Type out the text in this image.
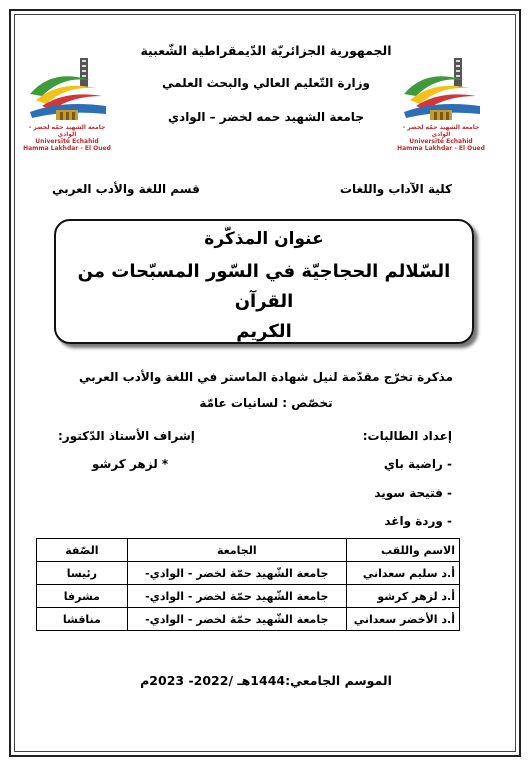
الجمهورية الجزائريّة الدّيمقراطية الشّعبية
وزارة التّعليم العالي والبحث العلمي
جامعة الشهيد حمه لخضر – الوادي
جامعة الشهيد حمّه لخضر - الوادي
Université Echahid Hamma Lakhdar - El Oued
جامعة الشهيد حمّه لخضر - الوادي
Université Echahid Hamma Lakhdar - El Oued
كلية الآداب واللغات
قسم اللغة والأدب العربي
عنوان المذكّرة
السّلالم الحجاجيّة في السّور المسبّحات من القرآن
الكريم
مذكرة تخرّج مقدّمة لنيل شهادة الماستر في اللغة والأدب العربي
تخصّص : لسانيات عامّة
إعداد الطالبات:
- راضية باي
- فتيحة سويد
- وردة واغد
إشراف الأستاذ الدّكتور:
* لزهر كرشو
الاسم واللقب	الجامعة	الصّفة
أ.د سليم سعداني	جامعة الشّهيد حمّة لخضر - الوادي-	رئيسا
أ.د لزهر كرشو	جامعة الشّهيد حمّة لخضر - الوادي-	مشرفا
أ.د الأخضر سعداني	جامعة الشّهيد حمّة لخضر - الوادي-	مناقشا
الموسم الجامعي:1444هـ /2022- 2023م
